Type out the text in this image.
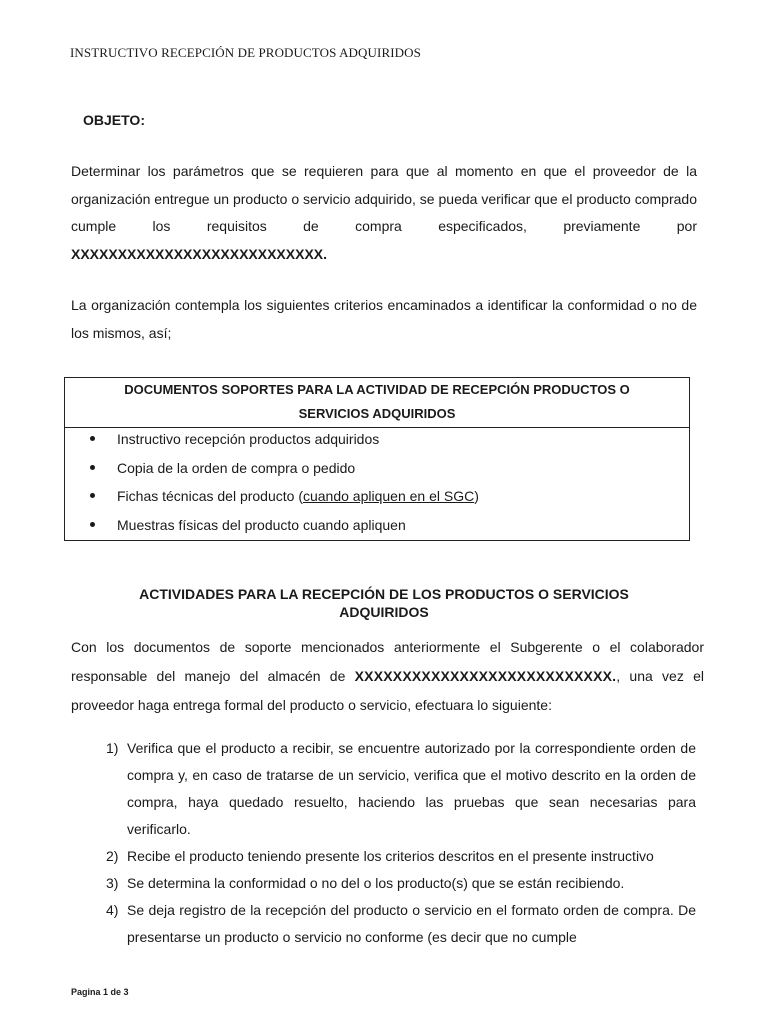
INSTRUCTIVO RECEPCIÓN DE PRODUCTOS ADQUIRIDOS
OBJETO:
Determinar los parámetros que se requieren para que al momento en que el proveedor de la organización entregue un producto o servicio adquirido, se pueda verificar que el producto comprado cumple los requisitos de compra especificados, previamente por XXXXXXXXXXXXXXXXXXXXXXXXXXX.
La organización contempla los siguientes criterios encaminados a identificar la conformidad o no de los mismos, así;
DOCUMENTOS SOPORTES PARA LA ACTIVIDAD DE RECEPCIÓN PRODUCTOS O
SERVICIOS ADQUIRIDOS
Instructivo recepción productos adquiridos
Copia de la orden de compra o pedido
Fichas técnicas del producto (cuando apliquen en el SGC)
Muestras físicas del producto cuando apliquen
ACTIVIDADES PARA LA RECEPCIÓN DE LOS PRODUCTOS O SERVICIOS
ADQUIRIDOS
Con los documentos de soporte mencionados anteriormente el Subgerente o el colaborador responsable del manejo del almacén de XXXXXXXXXXXXXXXXXXXXXXXXXXX., una vez el proveedor haga entrega formal del producto o servicio, efectuara lo siguiente:
1) Verifica que el producto a recibir, se encuentre autorizado por la correspondiente orden de compra y, en caso de tratarse de un servicio, verifica que el motivo descrito en la orden de compra, haya quedado resuelto, haciendo las pruebas que sean necesarias para verificarlo.
2) Recibe el producto teniendo presente los criterios descritos en el presente instructivo
3) Se determina la conformidad o no del o los producto(s) que se están recibiendo.
4) Se deja registro de la recepción del producto o servicio en el formato orden de compra. De presentarse un producto o servicio no conforme (es decir que no cumple
Pagina 1 de 3
